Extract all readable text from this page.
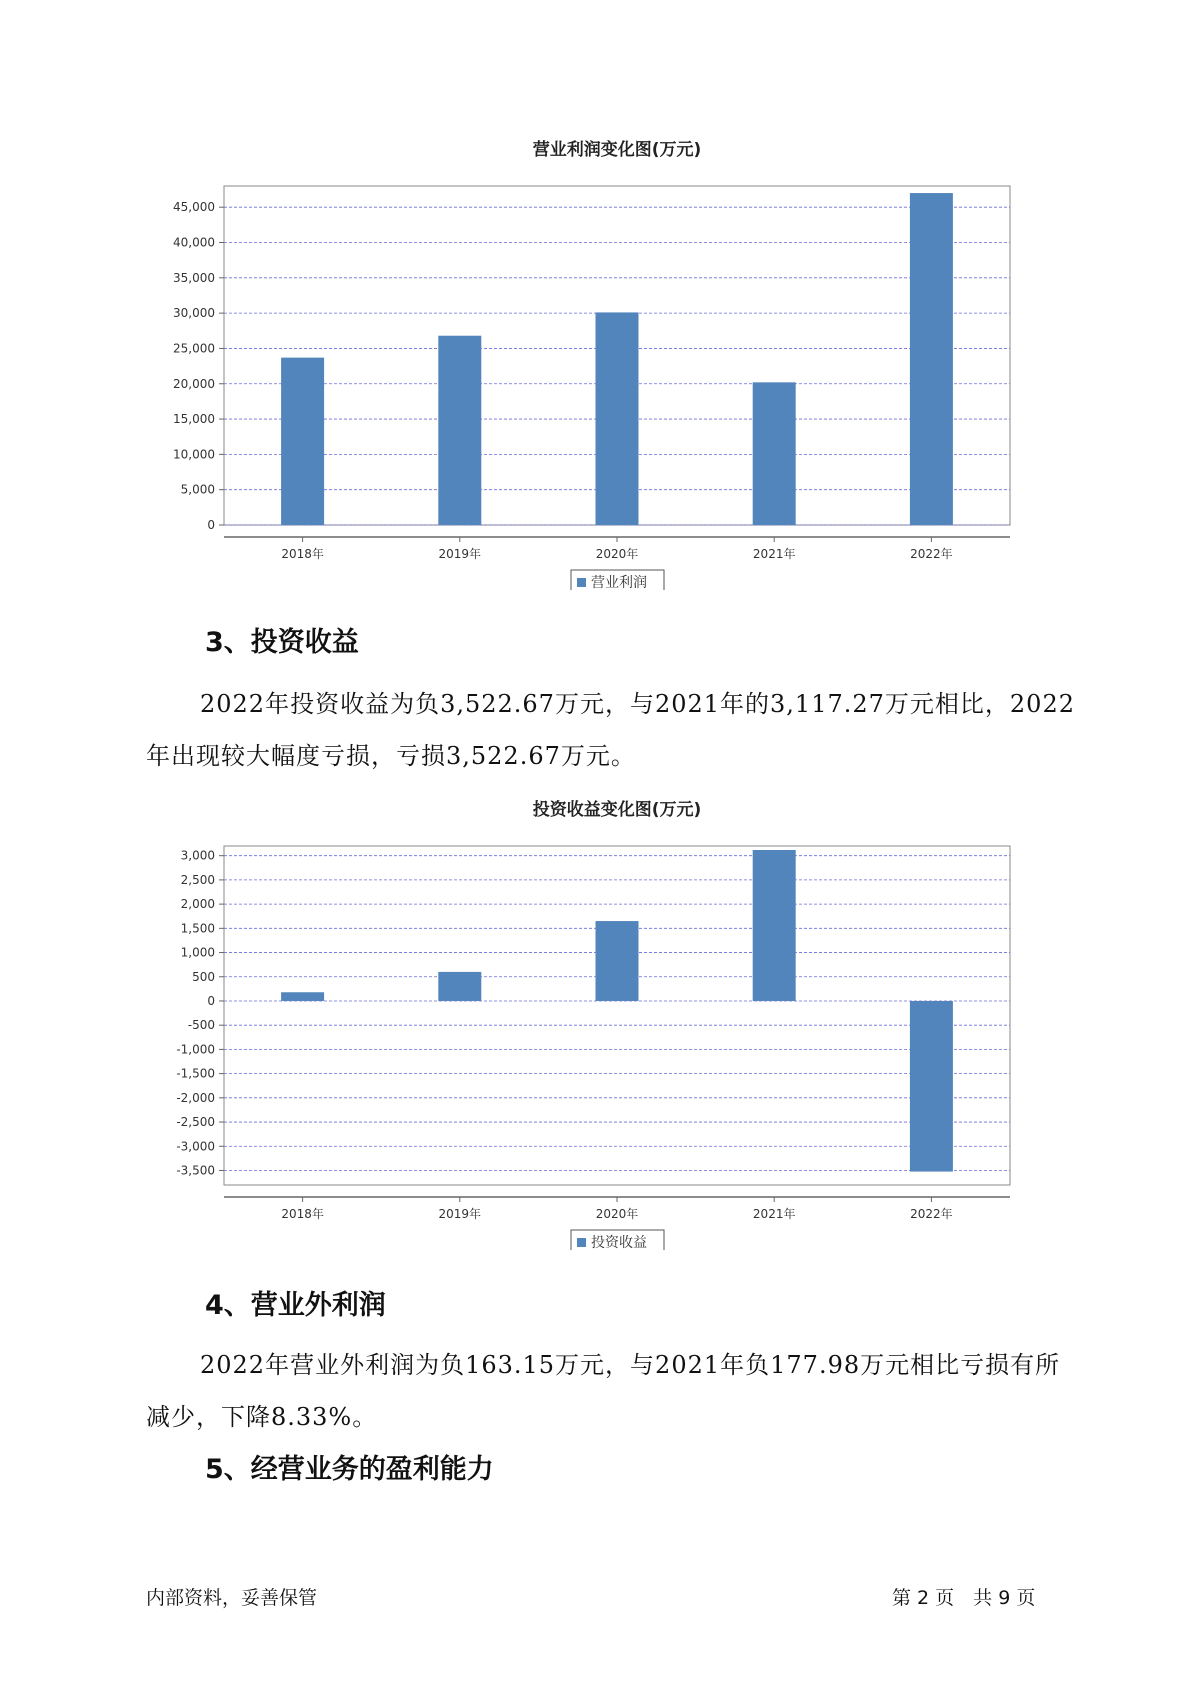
营业利润变化图(万元)
0
5,000
10,000
15,000
20,000
25,000
30,000
35,000
40,000
45,000
2018年	2019年	2020年	2021年	2022年
营业利润
3、投资收益

2022年投资收益为负3,522.67万元，与2021年的3,117.27万元相比，2022年出现较大幅度亏损，亏损3,522.67万元。

投资收益变化图(万元)
3,000
2,500
2,000
1,500
1,000
500
0
-500
-1,000
-1,500
-2,000
-2,500
-3,000
-3,500
2018年	2019年	2020年	2021年	2022年
投资收益
4、营业外利润

2022年营业外利润为负163.15万元，与2021年负177.98万元相比亏损有所减少，下降8.33%。

5、经营业务的盈利能力
内部资料，妥善保管	第 2 页　共 9 页
